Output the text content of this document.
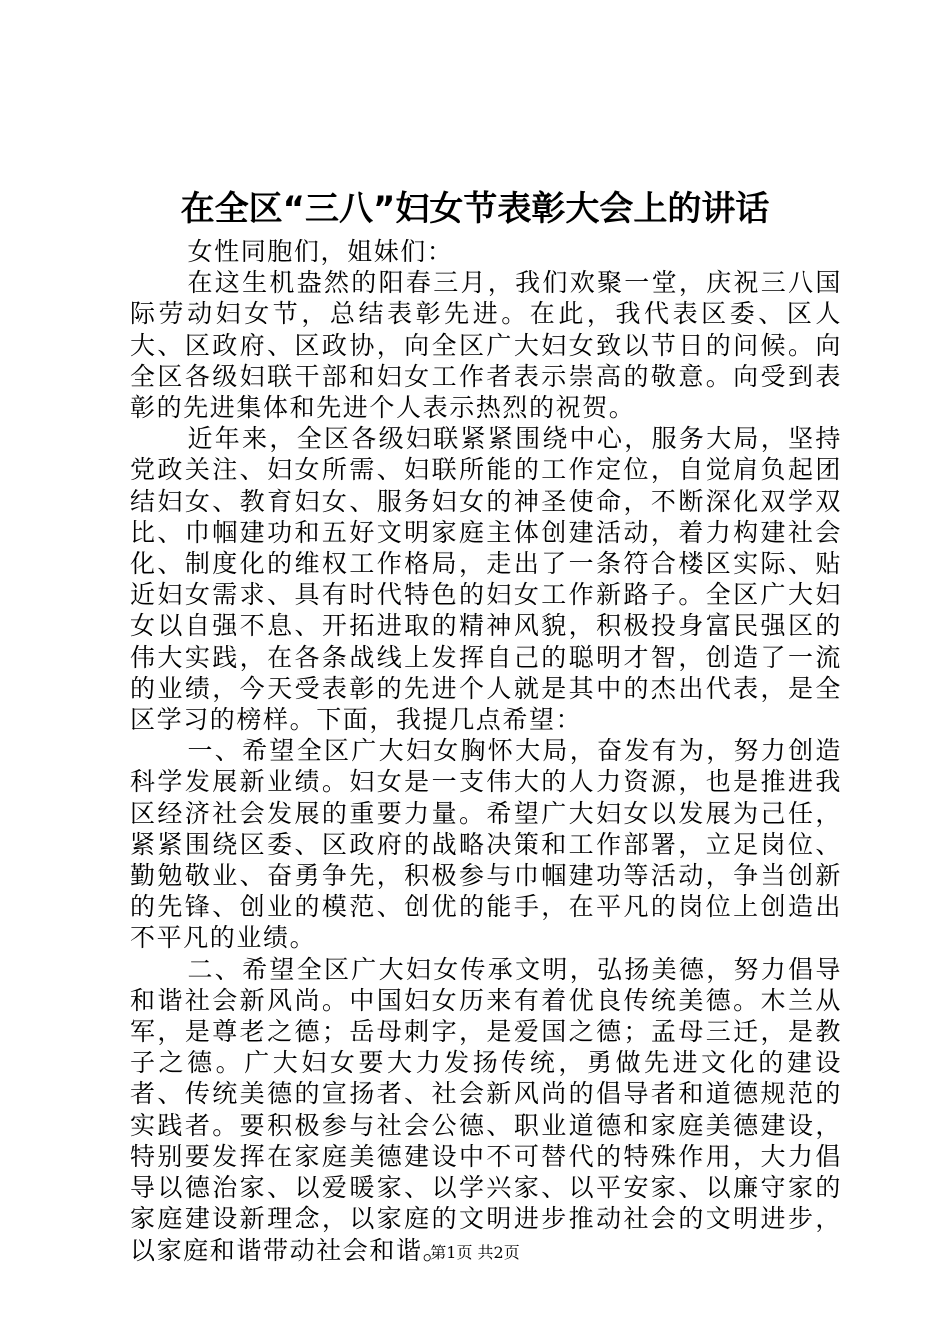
在全区“三八”妇女节表彰大会上的讲话

女性同胞们，姐妹们：

在这生机盎然的阳春三月，我们欢聚一堂，庆祝三八国际劳动妇女节，总结表彰先进。在此，我代表区委、区人大、区政府、区政协，向全区广大妇女致以节日的问候。向全区各级妇联干部和妇女工作者表示崇高的敬意。向受到表彰的先进集体和先进个人表示热烈的祝贺。

近年来，全区各级妇联紧紧围绕中心，服务大局，坚持党政关注、妇女所需、妇联所能的工作定位，自觉肩负起团结妇女、教育妇女、服务妇女的神圣使命，不断深化双学双比、巾帼建功和五好文明家庭主体创建活动，着力构建社会化、制度化的维权工作格局，走出了一条符合楼区实际、贴近妇女需求、具有时代特色的妇女工作新路子。全区广大妇女以自强不息、开拓进取的精神风貌，积极投身富民强区的伟大实践，在各条战线上发挥自己的聪明才智，创造了一流的业绩，今天受表彰的先进个人就是其中的杰出代表，是全区学习的榜样。下面，我提几点希望：

一、希望全区广大妇女胸怀大局，奋发有为，努力创造科学发展新业绩。妇女是一支伟大的人力资源，也是推进我区经济社会发展的重要力量。希望广大妇女以发展为己任，紧紧围绕区委、区政府的战略决策和工作部署，立足岗位、勤勉敬业、奋勇争先，积极参与巾帼建功等活动，争当创新的先锋、创业的模范、创优的能手，在平凡的岗位上创造出不平凡的业绩。

二、希望全区广大妇女传承文明，弘扬美德，努力倡导和谐社会新风尚。中国妇女历来有着优良传统美德。木兰从军，是尊老之德；岳母刺字，是爱国之德；孟母三迁，是教子之德。广大妇女要大力发扬传统，勇做先进文化的建设者、传统美德的宣扬者、社会新风尚的倡导者和道德规范的实践者。要积极参与社会公德、职业道德和家庭美德建设，特别要发挥在家庭美德建设中不可替代的特殊作用，大力倡导以德治家、以爱暖家、以学兴家、以平安家、以廉守家的家庭建设新理念，以家庭的文明进步推动社会的文明进步，以家庭和谐带动社会和谐。

第1页 共2页
